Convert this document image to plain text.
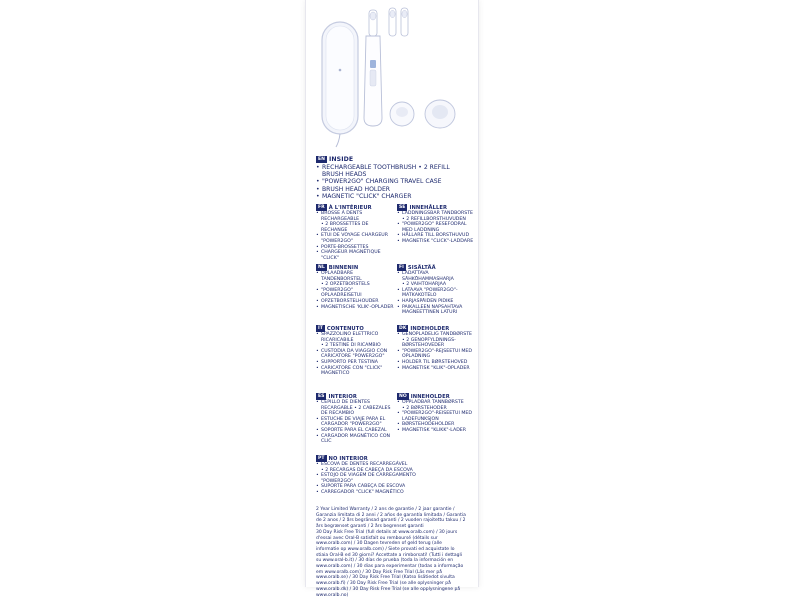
EN INSIDE
• RECHARGEABLE TOOTHBRUSH • 2 REFILL BRUSH HEADS
• "POWER2GO" CHARGING TRAVEL CASE
• BRUSH HEAD HOLDER
• MAGNETIC "CLICK" CHARGER
FR À L'INTÉRIEUR
• BROSSE À DENTS RECHARGEABLE
• 2 BROSSETTES DE RECHANGE
• ETUI DE VOYAGE CHARGEUR "POWER2GO"
• PORTE-BROSSETTES
• CHARGEUR MAGNÉTIQUE "CLICK"
SE INNEHÅLLER
• LADDNINGSBAR TANDBORSTE
• 2 REFILLBORSTHUVUDEN
• "POWER2GO" RESEFODRAL MED LADDNING
• HÅLLARE TILL BORSTHUVUD
• MAGNETISK "CLICK"-LADDARE
NL BINNENIN
• OPLAADBARE TANDENBORSTEL
• 2 OPZETBORSTELS
• "POWER2GO" OPLAADREISETUI
• OPZETBORSTELHOUDER
• MAGNETISCHE 'KLIK'-OPLADER
FI SISÄLTÄÄ
• LADATTAVA SÄHKÖHAMMASHARJA
• 2 VAIHTOHARJAA
• LATAAVA "POWER2GO"-MATKAKOTELO
• HARJASPÄIDEN PIDIKE
• PAIKALLEEN NAPSAHTAVA MAGNEETTINEN LATURI
IT CONTENUTO
• SPAZZOLINO ELETTRICO RICARICABILE
• 2 TESTINE DI RICAMBIO
• CUSTODIA DA VIAGGIO CON CARICATORE "POWER2GO"
• SUPPORTO PER TESTINA
• CARICATORE CON "CLICK" MAGNETICO
DK INDEHOLDER
• GENOPLADELIG TANDBØRSTE
• 2 GENOPFYLDNINGS-BØRSTEHOVEDER
• "POWER2GO"-REJSEETUI MED OPLADNING
• HOLDER TIL BØRSTEHOVED
• MAGNETISK "KLIK"-OPLADER
ES INTERIOR
• CEPILLO DE DIENTES RECARGABLE • 2 CABEZALES DE RECAMBIO
• ESTUCHE DE VIAJE PARA EL CARGADOR "POWER2GO"
• SOPORTE PARA EL CABEZAL
• CARGADOR MAGNÉTICO CON CLIC
NO INNEHOLDER
• OPPLADBAR TANNBØRSTE
• 2 BØRSTEHODER
• "POWER2GO"-REISEETUI MED LADEFUNKSJON
• BØRSTEHODEHOLDER
• MAGNETISK "KLIKK"-LADER
PT NO INTERIOR
• ESCOVA DE DENTES RECARREGÁVEL
• 2 RECARGAS DE CABEÇA DA ESCOVA
• ESTOJO DE VIAGEM DE CARREGAMENTO "POWER2GO"
• SUPORTE PARA CABEÇA DE ESCOVA
• CARREGADOR "CLICK" MAGNÉTICO
2 Year Limited Warranty / 2 ans de garantie / 2 jaar garantie / Garanzia limitata di 2 anni / 2 años de garantía limitada / Garantia de 2 anos / 2 års begränsad garanti / 2 vuoden rajoitettu takuu / 2 års begrænset garanti / 2 års begrenset garanti
30 Day Risk Free Trial (full details at www.oralb.com) / 30 jours d'essai avec Oral-B satisfait ou remboursé (détails sur www.oralb.com) / 30 Dagen tevreden of geld terug (alle informatie op www.oralb.com) / Siete provati ed acquistate lo stiaia Oral-B ed 30 giorni? Accettate a rimborsati! (Tutti i dettagli su www.oral-b.it) / 30 días de prueba (toda la información en www.oralb.com) / 30 dias para experimentar (todas a informação em www.oralb.com) / 30 Day Risk Free Trial (Läs mer på www.oralb.se) / 30 Day Risk Free Trial (Katso lisätiedot sivulta www.oralb.fi) / 30 Day Risk Free Trial (se alle oplysninger på www.oralb.dk) / 30 Day Risk Free Trial (se alle opplysningene på www.oralb.no)
